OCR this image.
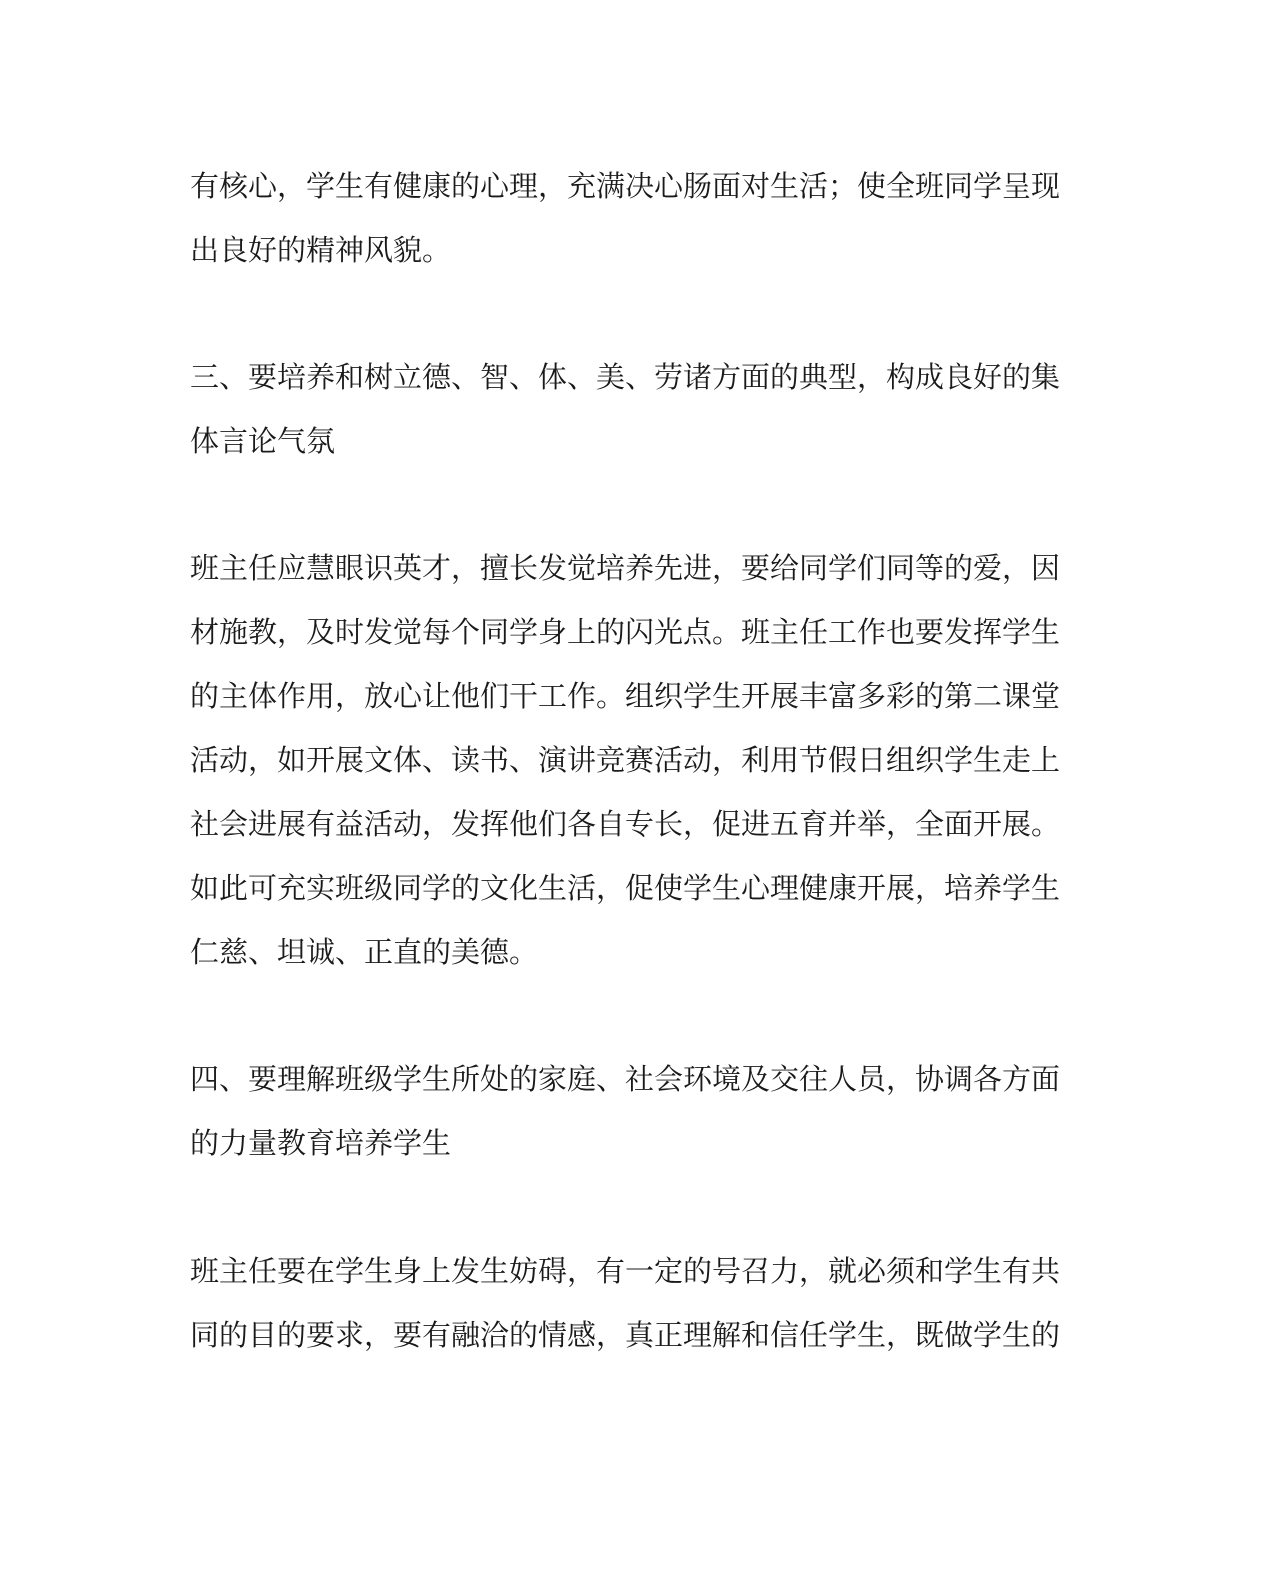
有核心，学生有健康的心理，充满决心肠面对生活；使全班同学呈现
出良好的精神风貌。
三、要培养和树立德、智、体、美、劳诸方面的典型，构成良好的集
体言论气氛
班主任应慧眼识英才，擅长发觉培养先进，要给同学们同等的爱，因
材施教，及时发觉每个同学身上的闪光点。班主任工作也要发挥学生
的主体作用，放心让他们干工作。组织学生开展丰富多彩的第二课堂
活动，如开展文体、读书、演讲竞赛活动，利用节假日组织学生走上
社会进展有益活动，发挥他们各自专长，促进五育并举，全面开展。
如此可充实班级同学的文化生活，促使学生心理健康开展，培养学生
仁慈、坦诚、正直的美德。
四、要理解班级学生所处的家庭、社会环境及交往人员，协调各方面
的力量教育培养学生
班主任要在学生身上发生妨碍，有一定的号召力，就必须和学生有共
同的目的要求，要有融洽的情感，真正理解和信任学生，既做学生的
